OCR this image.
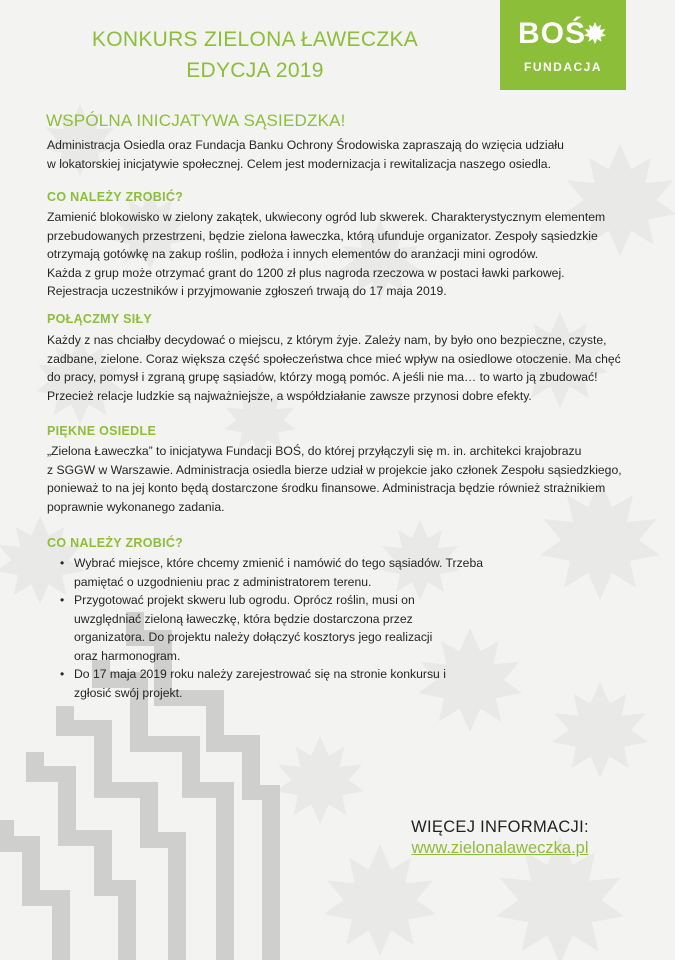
KONKURS ZIELONA ŁAWECZKA
EDYCJA 2019
BOŚ
FUNDACJA
WSPÓLNA INICJATYWA SĄSIEDZKA!
Administracja Osiedla oraz Fundacja Banku Ochrony Środowiska zapraszają do wzięcia udziału
w lokatorskiej inicjatywie społecznej. Celem jest modernizacja i rewitalizacja naszego osiedla.
CO NALEŻY ZROBIĆ?
Zamienić blokowisko w zielony zakątek, ukwiecony ogród lub skwerek. Charakterystycznym elementem
przebudowanych przestrzeni, będzie zielona ławeczka, którą ufunduje organizator. Zespoły sąsiedzkie
otrzymają gotówkę na zakup roślin, podłoża i innych elementów do aranżacji mini ogrodów.
Każda z grup może otrzymać grant do 1200 zł plus nagroda rzeczowa w postaci ławki parkowej.
Rejestracja uczestników i przyjmowanie zgłoszeń trwają do 17 maja 2019.
POŁĄCZMY SIŁY
Każdy z nas chciałby decydować o miejscu, z którym żyje. Zależy nam, by było ono bezpieczne, czyste,
zadbane, zielone. Coraz większa część społeczeństwa chce mieć wpływ na osiedlowe otoczenie. Ma chęć
do pracy, pomysł i zgraną grupę sąsiadów, którzy mogą pomóc. A jeśli nie ma… to warto ją zbudować!
Przecież relacje ludzkie są najważniejsze, a współdziałanie zawsze przynosi dobre efekty.
PIĘKNE OSIEDLE
„Zielona Ławeczka” to inicjatywa Fundacji BOŚ, do której przyłączyli się m. in. architekci krajobrazu
z SGGW w Warszawie. Administracja osiedla bierze udział w projekcie jako członek Zespołu sąsiedzkiego,
ponieważ to na jej konto będą dostarczone środku finansowe. Administracja będzie również strażnikiem
poprawnie wykonanego zadania.
CO NALEŻY ZROBIĆ?
• Wybrać miejsce, które chcemy zmienić i namówić do tego sąsiadów. Trzeba
pamiętać o uzgodnieniu prac z administratorem terenu.
• Przygotować projekt skweru lub ogrodu. Oprócz roślin, musi on
uwzględniać zieloną ławeczkę, która będzie dostarczona przez
organizatora. Do projektu należy dołączyć kosztorys jego realizacji
oraz harmonogram.
• Do 17 maja 2019 roku należy zarejestrować się na stronie konkursu i
zgłosić swój projekt.
WIĘCEJ INFORMACJI:
www.zielonalaweczka.pl
